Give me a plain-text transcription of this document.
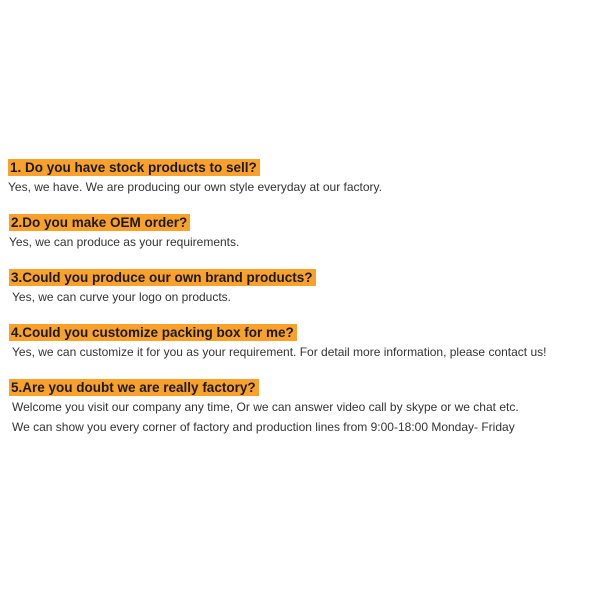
1. Do you have stock products to sell?
Yes, we have. We are producing our own style everyday at our factory.
2.Do you make OEM order?
Yes, we can produce as your requirements.
3.Could you produce our own brand products?
Yes, we can curve your logo on products.
4.Could you customize packing box for me?
Yes, we can customize it for you as your requirement. For detail more information, please contact us!
5.Are you doubt we are really factory?
Welcome you visit our company any time, Or we can answer video call by skype or we chat etc.
We can show you every corner of factory and production lines from 9:00-18:00 Monday- Friday
